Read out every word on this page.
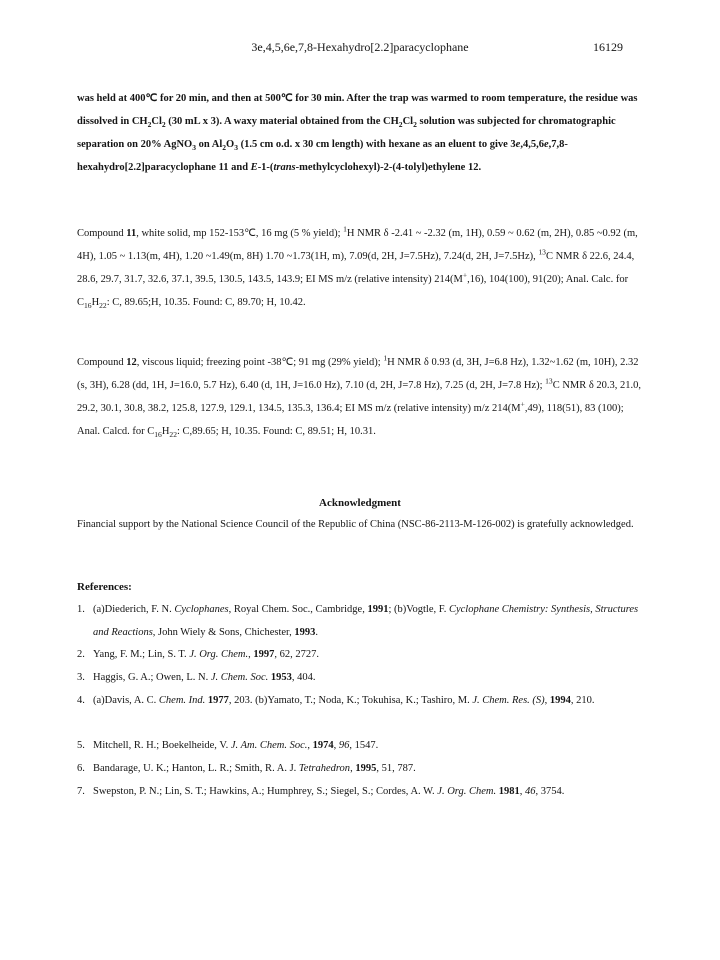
3e,4,5,6e,7,8-Hexahydro[2.2]paracyclophane	16129

was held at 400℃ for 20 min, and then at 500℃ for 30 min. After the trap was warmed to room temperature, the residue was dissolved in $CH_2Cl_2$ (30 mL x 3). A waxy material obtained from the $CH_2Cl_2$ solution was subjected for chromatographic separation on 20% AgNO$_3$ on $Al_2O_3$ (1.5 cm o.d. x 30 cm length) with hexane as an eluent to give 3e,4,5,6e,7,8-hexahydro[2.2]paracyclophane 11 and E-1-(trans-methylcyclohexyl)-2-(4-tolyl)ethylene 12.

Compound 11, white solid, mp 152-153℃, 16 mg (5 % yield); $^1$H NMR δ -2.41 ~ -2.32 (m, 1H), 0.59 ~ 0.62 (m, 2H), 0.85 ~0.92 (m, 4H), 1.05 ~ 1.13(m, 4H), 1.20 ~1.49(m, 8H) 1.70 ~1.73(1H, m), 7.09(d, 2H, J=7.5Hz), 7.24(d, 2H, J=7.5Hz), $^{13}$C NMR δ 22.6, 24.4, 28.6, 29.7, 31.7, 32.6, 37.1, 39.5, 130.5, 143.5, 143.9; EI MS m/z (relative intensity) 214(M+,16), 104(100), 91(20); Anal. Calc. for $C_{16}H_{22}$: C, 89.65;H, 10.35. Found: C, 89.70; H, 10.42.

Compound 12, viscous liquid; freezing point -38℃; 91 mg (29% yield); $^1$H NMR δ 0.93 (d, 3H, J=6.8 Hz), 1.32~1.62 (m, 10H), 2.32 (s, 3H), 6.28 (dd, 1H, J=16.0, 5.7 Hz), 6.40 (d, 1H, J=16.0 Hz), 7.10 (d, 2H, J=7.8 Hz), 7.25 (d, 2H, J=7.8 Hz); $^{13}$C NMR δ 20.3, 21.0, 29.2, 30.1, 30.8, 38.2, 125.8, 127.9, 129.1, 134.5, 135.3, 136.4; EI MS m/z (relative intensity) m/z 214(M+,49), 118(51), 83 (100); Anal. Calcd. for $C_{16}H_{22}$: C,89.65; H, 10.35. Found: C, 89.51; H, 10.31.

Acknowledgment

Financial support by the National Science Council of the Republic of China (NSC-86-2113-M-126-002) is gratefully acknowledged.

References:
1. (a)Diederich, F. N. Cyclophanes, Royal Chem. Soc., Cambridge, 1991; (b)Vogtle, F. Cyclophane Chemistry: Synthesis, Structures and Reactions, John Wiely & Sons, Chichester, 1993.
2. Yang, F. M.; Lin, S. T. J. Org. Chem., 1997, 62, 2727.
3. Haggis, G. A.; Owen, L. N. J. Chem. Soc. 1953, 404.
4. (a)Davis, A. C. Chem. Ind. 1977, 203. (b)Yamato, T.; Noda, K.; Tokuhisa, K.; Tashiro, M. J. Chem. Res. (S), 1994, 210.
5. Mitchell, R. H.; Boekelheide, V. J. Am. Chem. Soc., 1974, 96, 1547.
6. Bandarage, U. K.; Hanton, L. R.; Smith, R. A. J. Tetrahedron, 1995, 51, 787.
7. Swepston, P. N.; Lin, S. T.; Hawkins, A.; Humphrey, S.; Siegel, S.; Cordes, A. W. J. Org. Chem. 1981, 46, 3754.
